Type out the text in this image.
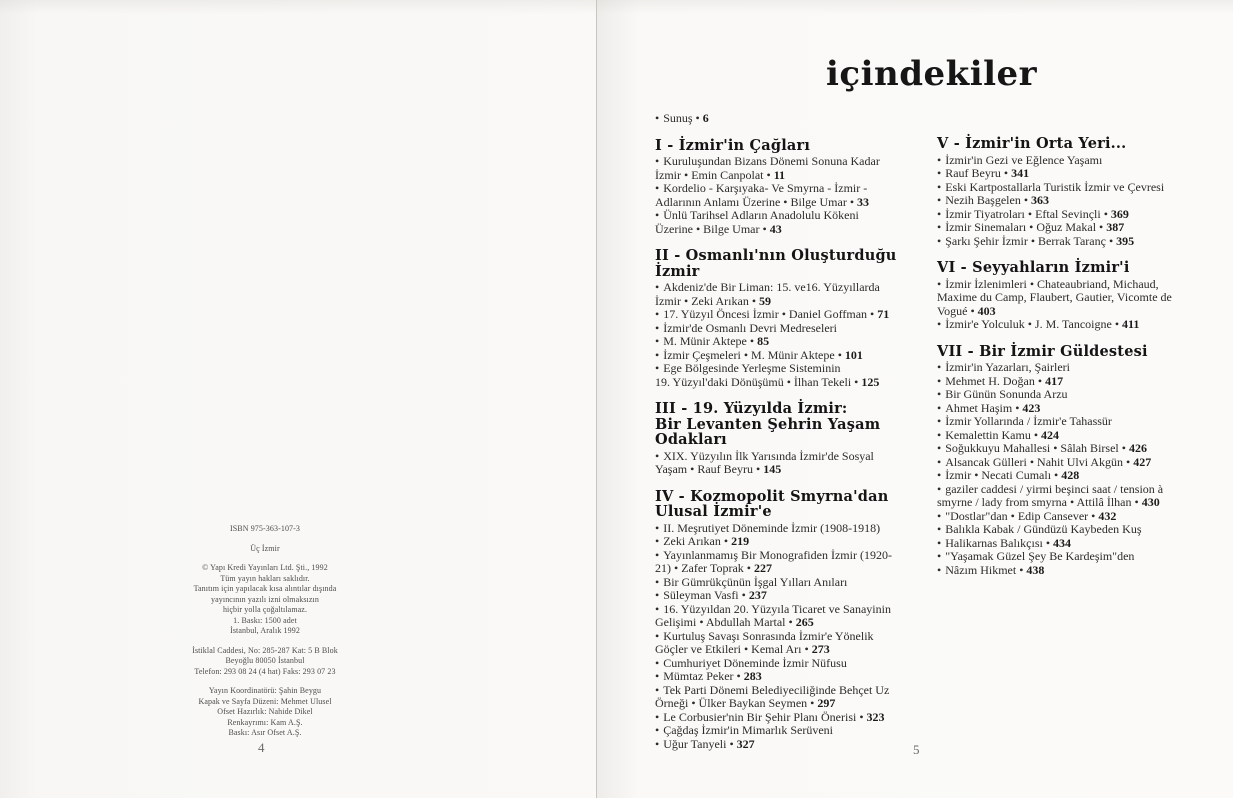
ISBN 975-363-107-3
Üç İzmir
© Yapı Kredi Yayınları Ltd. Şti., 1992
Tüm yayın hakları saklıdır.
Tanıtım için yapılacak kısa alıntılar dışında
yayıncının yazılı izni olmaksızın
hiçbir yolla çoğaltılamaz.
1. Baskı: 1500 adet
İstanbul, Aralık 1992
İstiklal Caddesi, No: 285-287 Kat: 5 B Blok
Beyoğlu 80050 İstanbul
Telefon: 293 08 24 (4 hat) Faks: 293 07 23
Yayın Koordinatörü: Şahin Beygu
Kapak ve Sayfa Düzeni: Mehmet Ulusel
Ofset Hazırlık: Nahide Dikel
Renkayrımı: Kam A.Ş.
Baskı: Asır Ofset A.Ş.
4
içindekiler
• Sunuş • 6
I - İzmir'in Çağları
• Kuruluşundan Bizans Dönemi Sonuna Kadar
İzmir • Emin Canpolat • 11
• Kordelio - Karşıyaka- Ve Smyrna - İzmir -
Adlarının Anlamı Üzerine • Bilge Umar • 33
• Ünlü Tarihsel Adların Anadolulu Kökeni
Üzerine • Bilge Umar • 43
II - Osmanlı'nın Oluşturduğu İzmir
• Akdeniz'de Bir Liman: 15. ve16. Yüzyıllarda
İzmir • Zeki Arıkan • 59
• 17. Yüzyıl Öncesi İzmir • Daniel Goffman • 71
• İzmir'de Osmanlı Devri Medreseleri
• M. Münir Aktepe • 85
• İzmir Çeşmeleri • M. Münir Aktepe • 101
• Ege Bölgesinde Yerleşme Sisteminin
19. Yüzyıl'daki Dönüşümü • İlhan Tekeli • 125
III - 19. Yüzyılda İzmir:
Bir Levanten Şehrin Yaşam Odakları
• XIX. Yüzyılın İlk Yarısında İzmir'de Sosyal
Yaşam • Rauf Beyru • 145
IV - Kozmopolit Smyrna'dan
Ulusal İzmir'e
• II. Meşrutiyet Döneminde İzmir (1908-1918)
• Zeki Arıkan • 219
• Yayınlanmamış Bir Monografiden İzmir (1920-
21) • Zafer Toprak • 227
• Bir Gümrükçünün İşgal Yılları Anıları
• Süleyman Vasfi • 237
• 16. Yüzyıldan 20. Yüzyıla Ticaret ve Sanayinin
Gelişimi • Abdullah Martal • 265
• Kurtuluş Savaşı Sonrasında İzmir'e Yönelik
Göçler ve Etkileri • Kemal Arı • 273
• Cumhuriyet Döneminde İzmir Nüfusu
• Mümtaz Peker • 283
• Tek Parti Dönemi Belediyeciliğinde Behçet Uz
Örneği • Ülker Baykan Seymen • 297
• Le Corbusier'nin Bir Şehir Planı Önerisi • 323
• Çağdaş İzmir'in Mimarlık Serüveni
• Uğur Tanyeli • 327
V - İzmir'in Orta Yeri...
• İzmir'in Gezi ve Eğlence Yaşamı
• Rauf Beyru • 341
• Eski Kartpostallarla Turistik İzmir ve Çevresi
• Nezih Başgelen • 363
• İzmir Tiyatroları • Eftal Sevinçli • 369
• İzmir Sinemaları • Oğuz Makal • 387
• Şarkı Şehir İzmir • Berrak Taranç • 395
VI - Seyyahların İzmir'i
• İzmir İzlenimleri • Chateaubriand, Michaud,
Maxime du Camp, Flaubert, Gautier, Vicomte de
Vogué • 403
• İzmir'e Yolculuk • J. M. Tancoigne • 411
VII - Bir İzmir Güldestesi
• İzmir'in Yazarları, Şairleri
• Mehmet H. Doğan • 417
• Bir Günün Sonunda Arzu
• Ahmet Haşim • 423
• İzmir Yollarında / İzmir'e Tahassür
• Kemalettin Kamu • 424
• Soğukkuyu Mahallesi • Sâlah Birsel • 426
• Alsancak Gülleri • Nahit Ulvi Akgün • 427
• İzmir • Necati Cumalı • 428
• gaziler caddesi / yirmi beşinci saat / tension à
smyrne / lady from smyrna • Attilâ İlhan • 430
• "Dostlar"dan • Edip Cansever • 432
• Balıkla Kabak / Gündüzü Kaybeden Kuş
• Halikarnas Balıkçısı • 434
• "Yaşamak Güzel Şey Be Kardeşim"den
• Nâzım Hikmet • 438
5
